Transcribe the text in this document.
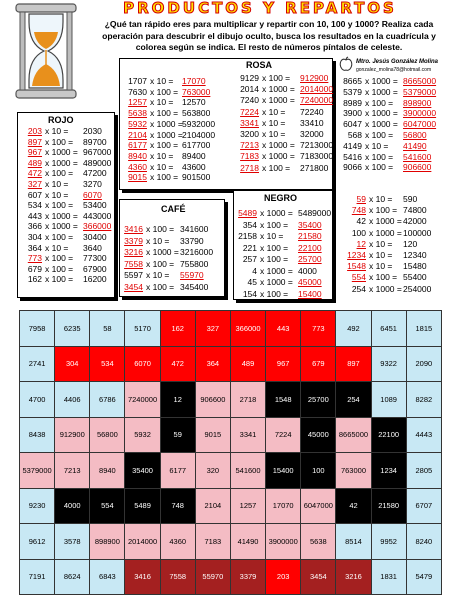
PRODUCTOS Y REPARTOS
¿Qué tan rápido eres para multiplicar y repartir con 10, 100 y 1000? Realiza cada operación para descubrir el dibujo oculto, busca los resultados en la cuadrícula y colorea según se indica. El resto de números píntalos de celeste.
Mtro. Jesús González Molina
gonzalez_molina78@hotmail.com
ROJO
203 x 10 = 2030
897 x 100 = 89700
967 x 1000 = 967000
489 x 1000 = 489000
472 x 100 = 47200
327 x 10 = 3270
607 x 10 = 6070
534 x 100 = 53400
443 x 1000 = 443000
366 x 1000 = 366000
304 x 100 = 30400
364 x 10 = 3640
773 x 100 = 77300
679 x 100 = 67900
162 x 100 = 16200
ROSA
1707 x 10 = 17070
7630 x 100 = 763000
1257 x 10 = 12570
5638 x 100 = 563800
5932 x 1000 =5932000
2104 x 1000 =2104000
6177 x 100 = 617700
8940 x 10 = 89400
4360 x 10 = 43600
9015 x 100 = 901500
9129 x 100 = 912900
2014 x 1000 = 2014000
7240 x 1000 = 7240000
7224 x 10 = 72240
3341 x 10 = 33410
3200 x 10 = 32000
7213 x 1000 = 7213000
7183 x 1000 = 7183000
2718 x 100 = 271800
8665 x 1000 = 8665000
5379 x 1000 = 5379000
8989 x 100 = 898900
3900 x 1000 = 3900000
6047 x 1000 = 6047000
568 x 100 = 56800
4149 x 10 = 41490
5416 x 100 = 541600
9066 x 100 = 906600
CAFÉ
3416 x 100 = 341600
3379 x 10 = 33790
3216 x 1000 =3216000
7558 x 100 = 755800
5597 x 10 = 55970
3454 x 100 = 345400
NEGRO
5489 x 1000 = 5489000
354 x 100 = 35400
2158 x 10 = 21580
221 x 100 = 22100
257 x 100 = 25700
4 x 1000 = 4000
45 x 1000 = 45000
154 x 100 = 15400
59 x 10 = 590
748 x 100 = 74800
42 x 1000 =42000
100 x 1000 =100000
12 x 10 = 120
1234 x 10 = 12340
1548 x 10 = 15480
554 x 100 = 55400
254 x 1000 =254000
7958	6235	58	5170	162	327	366000	443	773	492	6451	1815
2741	304	534	6070	472	364	489	967	679	897	9322	2090
4700	4406	6786	7240000	12	906600	2718	1548	25700	254	1089	8282
8438	912900	56800	5932	59	9015	3341	7224	45000	8665000	22100	4443
5379000	7213	8940	35400	6177	320	541600	15400	100	763000	1234	2805
9230	4000	554	5489	748	2104	1257	17070	6047000	42	21580	6707
9612	3578	898900	2014000	4360	7183	41490	3900000	5638	8514	9952	8240
7191	8624	6843	3416	7558	55970	3379	203	3454	3216	1831	5479
